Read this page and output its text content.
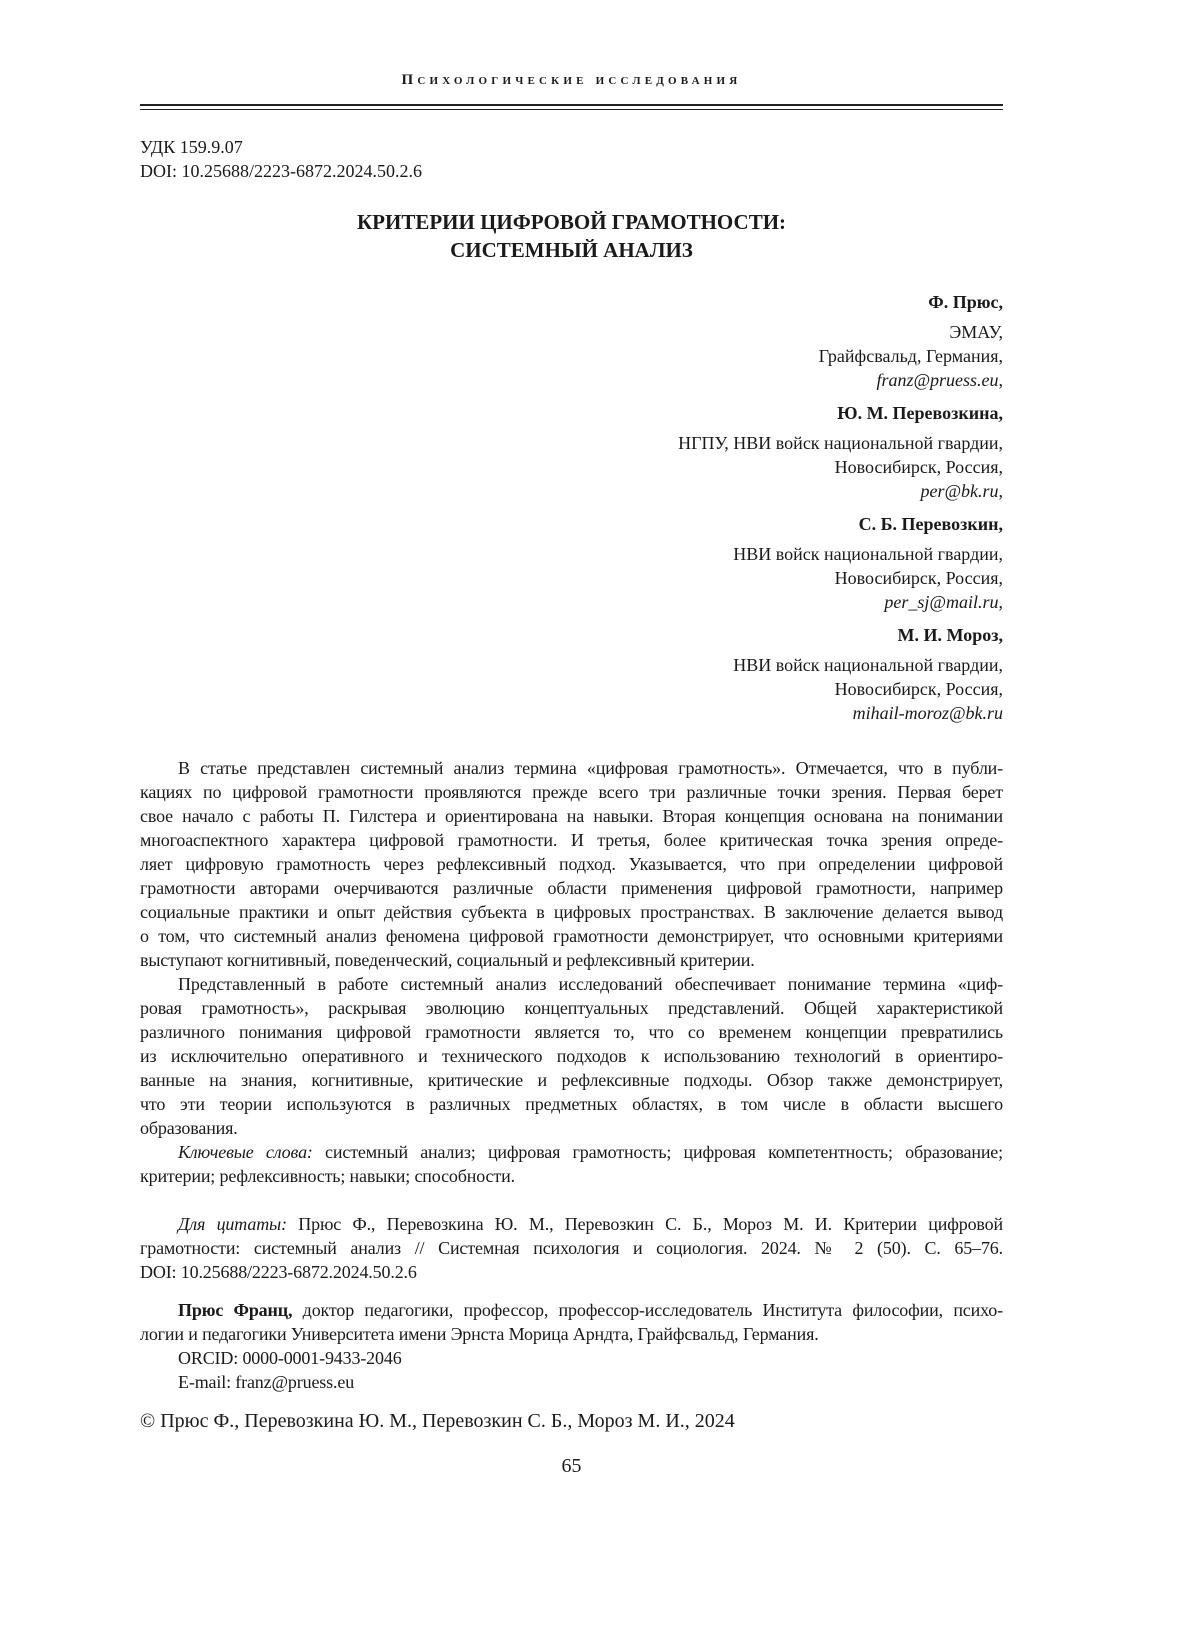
Психологические исследования
УДК 159.9.07
DOI: 10.25688/2223-6872.2024.50.2.6
КРИТЕРИИ ЦИФРОВОЙ ГРАМОТНОСТИ:
СИСТЕМНЫЙ АНАЛИЗ
Ф. Прюс,
ЭМАУ,
Грайфсвальд, Германия,
franz@pruess.eu,
Ю. М. Перевозкина,
НГПУ, НВИ войск национальной гвардии,
Новосибирск, Россия,
per@bk.ru,
С. Б. Перевозкин,
НВИ войск национальной гвардии,
Новосибирск, Россия,
per_sj@mail.ru,
М. И. Мороз,
НВИ войск национальной гвардии,
Новосибирск, Россия,
mihail-moroz@bk.ru
В статье представлен системный анализ термина «цифровая грамотность». Отмечается, что в публи-
кациях по цифровой грамотности проявляются прежде всего три различные точки зрения. Первая берет
свое начало с работы П. Гилстера и ориентирована на навыки. Вторая концепция основана на понимании
многоаспектного характера цифровой грамотности. И третья, более критическая точка зрения опреде-
ляет цифровую грамотность через рефлексивный подход. Указывается, что при определении цифровой
грамотности авторами очерчиваются различные области применения цифровой грамотности, например
социальные практики и опыт действия субъекта в цифровых пространствах. В заключение делается вывод
о том, что системный анализ феномена цифровой грамотности демонстрирует, что основными критериями
выступают когнитивный, поведенческий, социальный и рефлексивный критерии.
Представленный в работе системный анализ исследований обеспечивает понимание термина «циф-
ровая грамотность», раскрывая эволюцию концептуальных представлений. Общей характеристикой
различного понимания цифровой грамотности является то, что со временем концепции превратились
из исключительно оперативного и технического подходов к использованию технологий в ориентиро-
ванные на знания, когнитивные, критические и рефлексивные подходы. Обзор также демонстрирует,
что эти теории используются в различных предметных областях, в том числе в области высшего
образования.
Ключевые слова: системный анализ; цифровая грамотность; цифровая компетентность; образование;
критерии; рефлексивность; навыки; способности.
Для цитаты: Прюс Ф., Перевозкина Ю. М., Перевозкин С. Б., Мороз М. И. Критерии цифровой
грамотности: системный анализ // Системная психология и социология. 2024. № 2 (50). С. 65–76.
DOI: 10.25688/2223-6872.2024.50.2.6
Прюс Франц, доктор педагогики, профессор, профессор-исследователь Института философии, психо-
логии и педагогики Университета имени Эрнста Морица Арндта, Грайфсвальд, Германия.
ORCID: 0000-0001-9433-2046
E-mail: franz@pruess.eu
© Прюс Ф., Перевозкина Ю. М., Перевозкин С. Б., Мороз М. И., 2024
65
